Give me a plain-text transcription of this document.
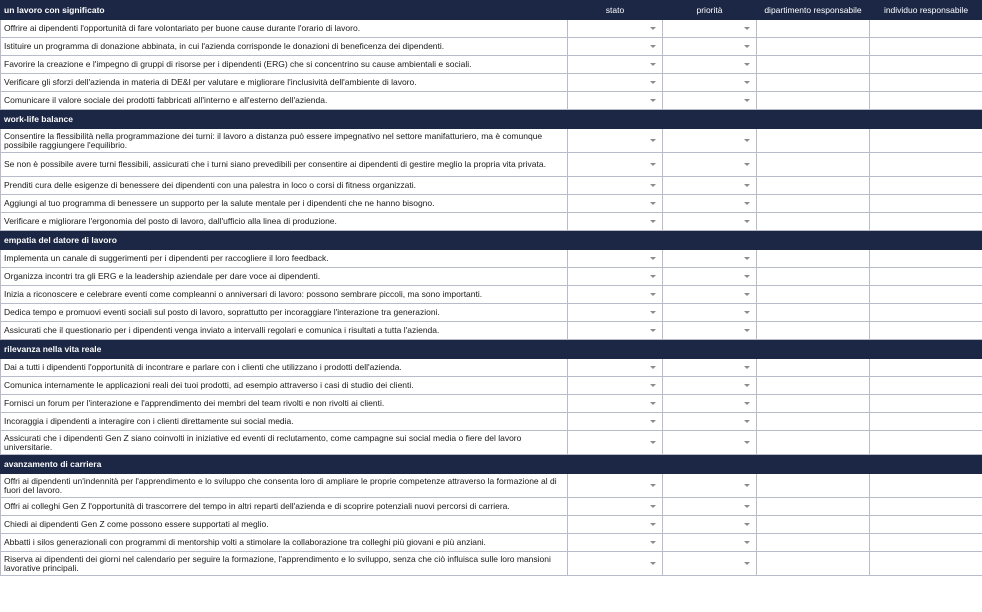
un lavoro con significato	stato	priorità	dipartimento responsabile	individuo responsabile
Offrire ai dipendenti l'opportunità di fare volontariato per buone cause durante l'orario di lavoro.	

Istituire un programma di donazione abbinata, in cui l'azienda corrisponde le donazioni di beneficenza dei dipendenti.	

Favorire la creazione e l'impegno di gruppi di risorse per i dipendenti (ERG) che si concentrino su cause ambientali e sociali.	

Verificare gli sforzi dell'azienda in materia di DE&I per valutare e migliorare l'inclusività dell'ambiente di lavoro.	

Comunicare il valore sociale dei prodotti fabbricati all'interno e all'esterno dell'azienda.	

work-life balance				
Consentire la flessibilità nella programmazione dei turni: il lavoro a distanza può essere impegnativo nel settore manifatturiero, ma è comunque possibile raggiungere l'equilibrio.	

Se non è possibile avere turni flessibili, assicurati che i turni siano prevedibili per consentire ai dipendenti di gestire meglio la propria vita privata.	

Prenditi cura delle esigenze di benessere dei dipendenti con una palestra in loco o corsi di fitness organizzati.	

Aggiungi al tuo programma di benessere un supporto per la salute mentale per i dipendenti che ne hanno bisogno.	

Verificare e migliorare l'ergonomia del posto di lavoro, dall'ufficio alla linea di produzione.	

empatia del datore di lavoro				
Implementa un canale di suggerimenti per i dipendenti per raccogliere il loro feedback.	

Organizza incontri tra gli ERG e la leadership aziendale per dare voce ai dipendenti.	

Inizia a riconoscere e celebrare eventi come compleanni o anniversari di lavoro: possono sembrare piccoli, ma sono importanti.	

Dedica tempo e promuovi eventi sociali sul posto di lavoro, soprattutto per incoraggiare l'interazione tra generazioni.	

Assicurati che il questionario per i dipendenti venga inviato a intervalli regolari e comunica i risultati a tutta l'azienda.	

rilevanza nella vita reale				
Dai a tutti i dipendenti l'opportunità di incontrare e parlare con i clienti che utilizzano i prodotti dell'azienda.	

Comunica internamente le applicazioni reali dei tuoi prodotti, ad esempio attraverso i casi di studio dei clienti.	

Fornisci un forum per l'interazione e l'apprendimento dei membri del team rivolti e non rivolti ai clienti.	

Incoraggia i dipendenti a interagire con i clienti direttamente sui social media.	

Assicurati che i dipendenti Gen Z siano coinvolti in iniziative ed eventi di reclutamento, come campagne sui social media o fiere del lavoro universitarie.	

avanzamento di carriera				
Offri ai dipendenti un'indennità per l'apprendimento e lo sviluppo che consenta loro di ampliare le proprie competenze attraverso la formazione al di fuori del lavoro.	

Offri ai colleghi Gen Z l'opportunità di trascorrere del tempo in altri reparti dell'azienda e di scoprire potenziali nuovi percorsi di carriera.	

Chiedi ai dipendenti Gen Z come possono essere supportati al meglio.	

Abbatti i silos generazionali con programmi di mentorship volti a stimolare la collaborazione tra colleghi più giovani e più anziani.	

Riserva ai dipendenti dei giorni nel calendario per seguire la formazione, l'apprendimento e lo sviluppo, senza che ciò influisca sulle loro mansioni lavorative principali.	
